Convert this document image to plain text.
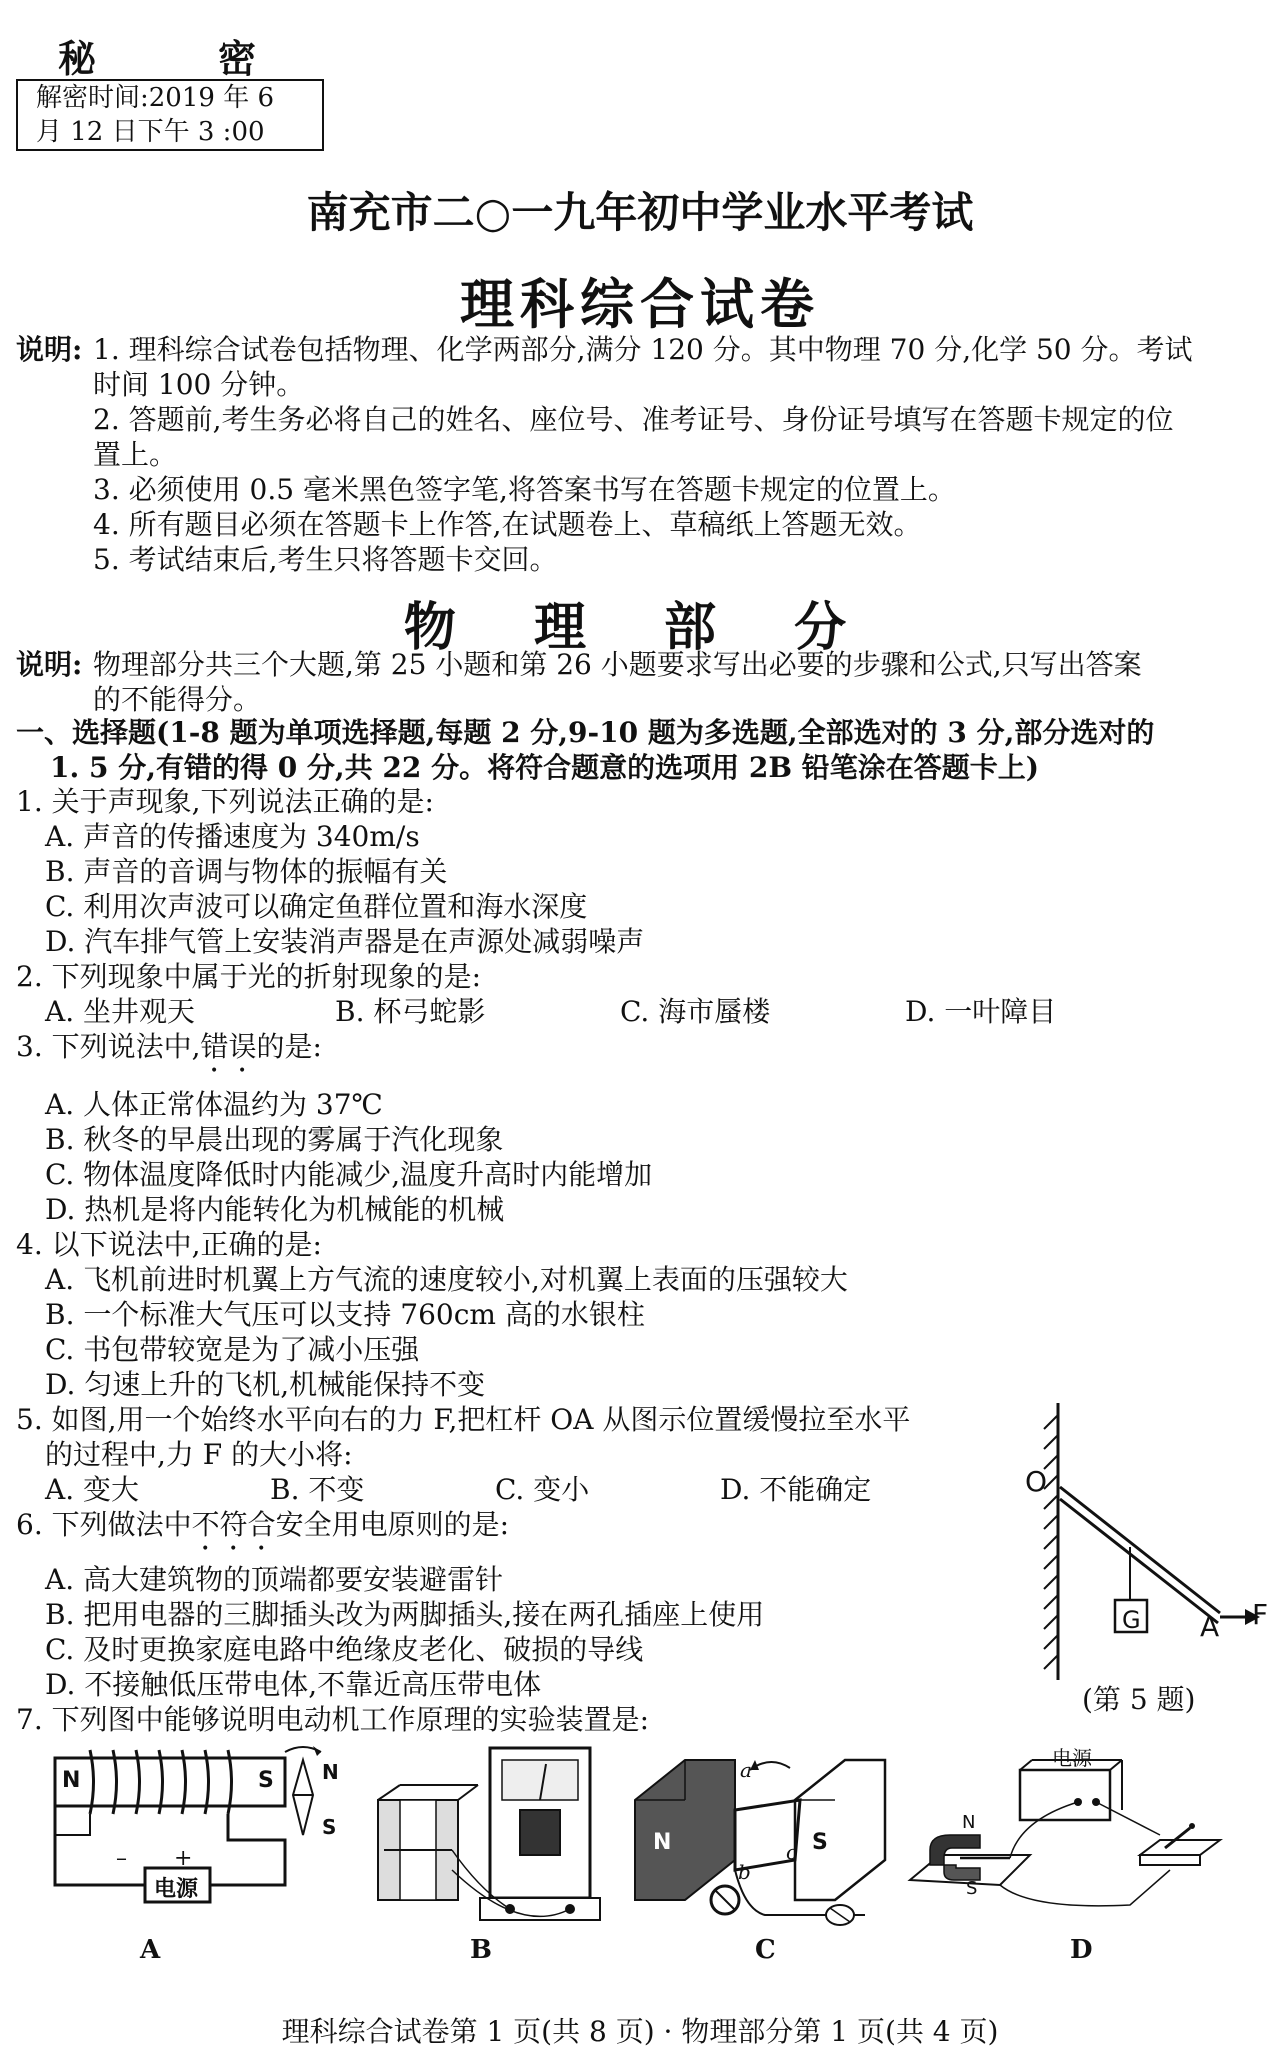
秘	密
解密时间:2019 年 6
月 12 日下午 3 :00
南充市二○一九年初中学业水平考试
理科综合试卷
说明: 1. 理科综合试卷包括物理、化学两部分,满分 120 分。其中物理 70 分,化学 50 分。考试
时间 100 分钟。
2. 答题前,考生务必将自己的姓名、座位号、准考证号、身份证号填写在答题卡规定的位
置上。
3. 必须使用 0.5 毫米黑色签字笔,将答案书写在答题卡规定的位置上。
4. 所有题目必须在答题卡上作答,在试题卷上、草稿纸上答题无效。
5. 考试结束后,考生只将答题卡交回。
物 理 部 分
说明: 物理部分共三个大题,第 25 小题和第 26 小题要求写出必要的步骤和公式,只写出答案
的不能得分。
一、选择题(1-8 题为单项选择题,每题 2 分,9-10 题为多选题,全部选对的 3 分,部分选对的
1. 5 分,有错的得 0 分,共 22 分。将符合题意的选项用 2B 铅笔涂在答题卡上)
1. 关于声现象,下列说法正确的是:
A. 声音的传播速度为 340m/s
B. 声音的音调与物体的振幅有关
C. 利用次声波可以确定鱼群位置和海水深度
D. 汽车排气管上安装消声器是在声源处减弱噪声
2. 下列现象中属于光的折射现象的是:
A. 坐井观天	B. 杯弓蛇影	C. 海市蜃楼	D. 一叶障目
3. 下列说法中,错误的是:
A. 人体正常体温约为 37℃
B. 秋冬的早晨出现的雾属于汽化现象
C. 物体温度降低时内能减少,温度升高时内能增加
D. 热机是将内能转化为机械能的机械
4. 以下说法中,正确的是:
A. 飞机前进时机翼上方气流的速度较小,对机翼上表面的压强较大
B. 一个标准大气压可以支持 760cm 高的水银柱
C. 书包带较宽是为了减小压强
D. 匀速上升的飞机,机械能保持不变
5. 如图,用一个始终水平向右的力 F,把杠杆 OA 从图示位置缓慢拉至水平
的过程中,力 F 的大小将:
A. 变大	B. 不变	C. 变小	D. 不能确定	O
G A F
(第 5 题)
6. 下列做法中不符合安全用电原则的是:
A. 高大建筑物的顶端都要安装避雷针
B. 把用电器的三脚插头改为两脚插头,接在两孔插座上使用
C. 及时更换家庭电路中绝缘皮老化、破损的导线
D. 不接触低压带电体,不靠近高压带电体
7. 下列图中能够说明电动机工作原理的实验装置是:
N	S
– +
电源
N
S
A	B
N	S
a
b
c
C
电源
N
S
D
理科综合试卷第 1 页(共 8 页) · 物理部分第 1 页(共 4 页)
